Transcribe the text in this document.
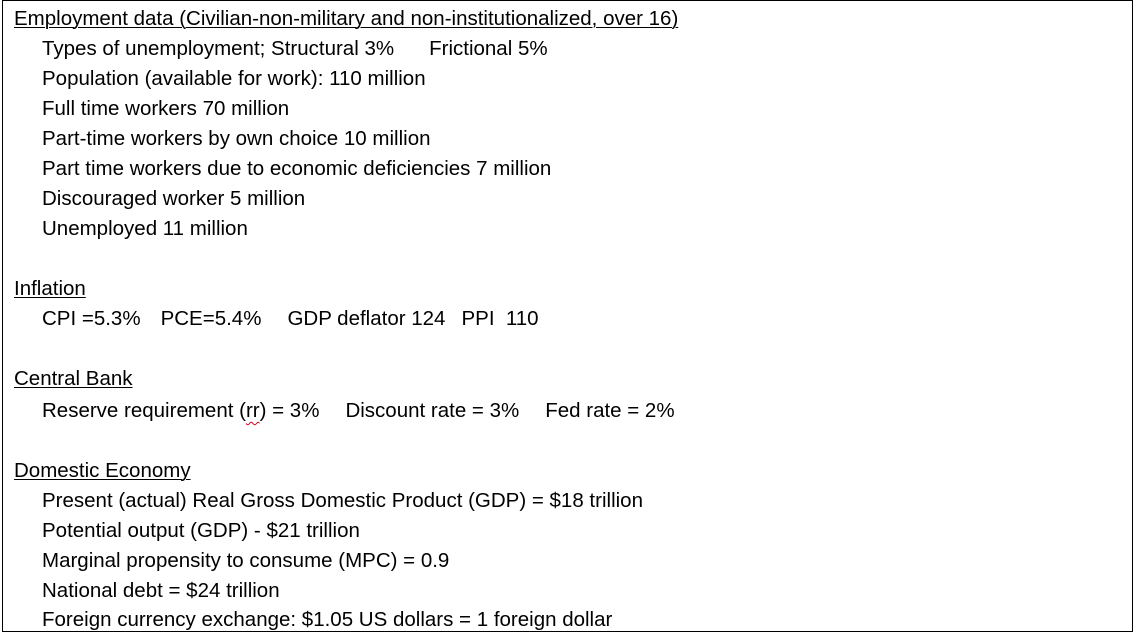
Employment data (Civilian-non-military and non-institutionalized, over 16)
Types of unemployment; Structural 3% Frictional 5%
Population (available for work): 110 million
Full time workers 70 million
Part-time workers by own choice 10 million
Part time workers due to economic deficiencies 7 million
Discouraged worker 5 million
Unemployed 11 million
Inflation
CPI =5.3% PCE=5.4% GDP deflator 124 PPI  110
Central Bank
Reserve requirement (rr) = 3% Discount rate = 3% Fed rate = 2%
Domestic Economy
Present (actual) Real Gross Domestic Product (GDP) = $18 trillion
Potential output (GDP) - $21 trillion
Marginal propensity to consume (MPC) = 0.9
National debt = $24 trillion
Foreign currency exchange: $1.05 US dollars = 1 foreign dollar
